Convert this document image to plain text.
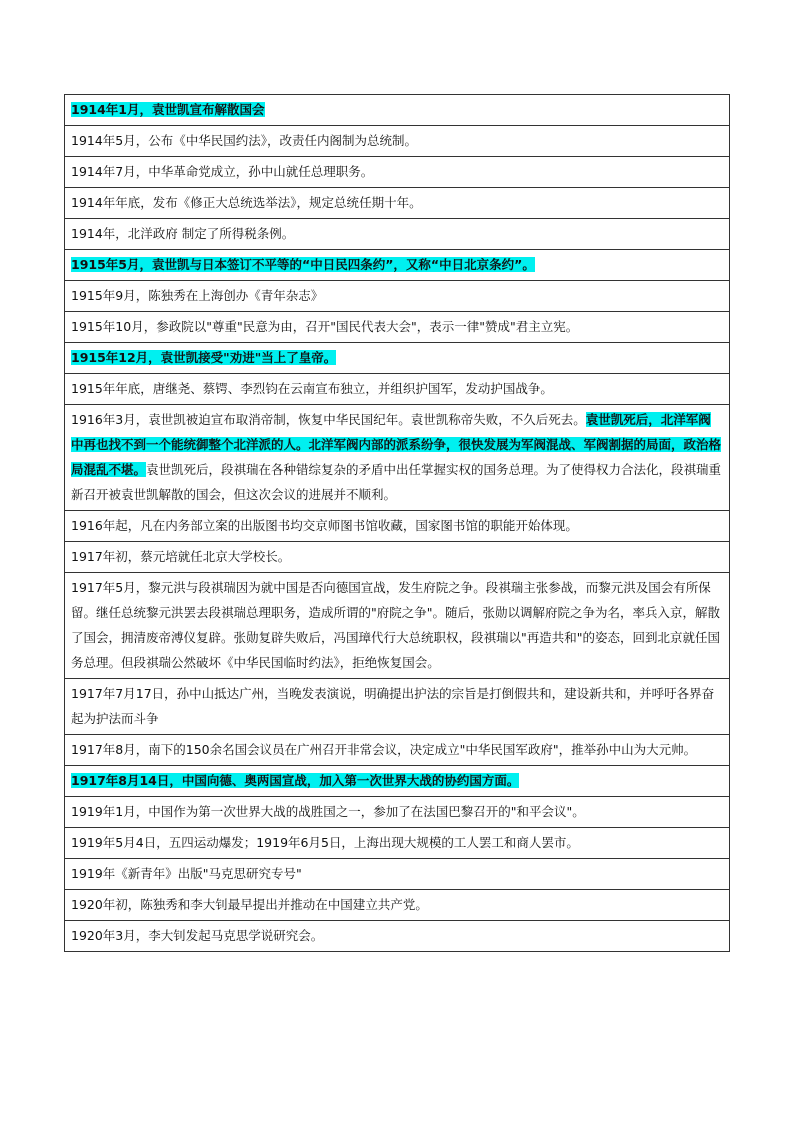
1914年1月，袁世凯宣布解散国会
1914年5月，公布《中华民国约法》，改责任内阁制为总统制。
1914年7月，中华革命党成立，孙中山就任总理职务。
1914年年底，发布《修正大总统选举法》，规定总统任期十年。
1914年，北洋政府 制定了所得税条例。
1915年5月，袁世凯与日本签订不平等的“中日民四条约”，又称“中日北京条约”。
1915年9月，陈独秀在上海创办《青年杂志》
1915年10月，参政院以"尊重"民意为由，召开"国民代表大会"，表示一律"赞成"君主立宪。
1915年12月，袁世凯接受"劝进"当上了皇帝。
1915年年底，唐继尧、蔡锷、李烈钧在云南宣布独立，并组织护国军，发动护国战争。
1916年3月，袁世凯被迫宣布取消帝制，恢复中华民国纪年。袁世凯称帝失败，不久后死去。袁世凯死后，北洋军阀中再也找不到一个能统御整个北洋派的人。北洋军阀内部的派系纷争，很快发展为军阀混战、军阀割据的局面，政治格局混乱不堪。袁世凯死后，段祺瑞在各种错综复杂的矛盾中出任掌握实权的国务总理。为了使得权力合法化，段祺瑞重新召开被袁世凯解散的国会，但这次会议的进展并不顺利。
1916年起，凡在内务部立案的出版图书均交京师图书馆收藏，国家图书馆的职能开始体现。
1917年初，蔡元培就任北京大学校长。
1917年5月，黎元洪与段祺瑞因为就中国是否向德国宣战，发生府院之争。段祺瑞主张参战，而黎元洪及国会有所保留。继任总统黎元洪罢去段祺瑞总理职务，造成所谓的"府院之争"。随后，张勋以调解府院之争为名，率兵入京，解散了国会，拥清废帝溥仪复辟。张勋复辟失败后，冯国璋代行大总统职权，段祺瑞以"再造共和"的姿态，回到北京就任国务总理。但段祺瑞公然破坏《中华民国临时约法》，拒绝恢复国会。
1917年7月17日，孙中山抵达广州，当晚发表演说，明确提出护法的宗旨是打倒假共和，建设新共和，并呼吁各界奋起为护法而斗争
1917年8月，南下的150余名国会议员在广州召开非常会议，决定成立"中华民国军政府"，推举孙中山为大元帅。
1917年8月14日，中国向德、奥两国宣战，加入第一次世界大战的协约国方面。
1919年1月，中国作为第一次世界大战的战胜国之一，参加了在法国巴黎召开的"和平会议"。
1919年5月4日，五四运动爆发；1919年6月5日，上海出现大规模的工人罢工和商人罢市。
1919年《新青年》出版"马克思研究专号"
1920年初，陈独秀和李大钊最早提出并推动在中国建立共产党。
1920年3月，李大钊发起马克思学说研究会。
